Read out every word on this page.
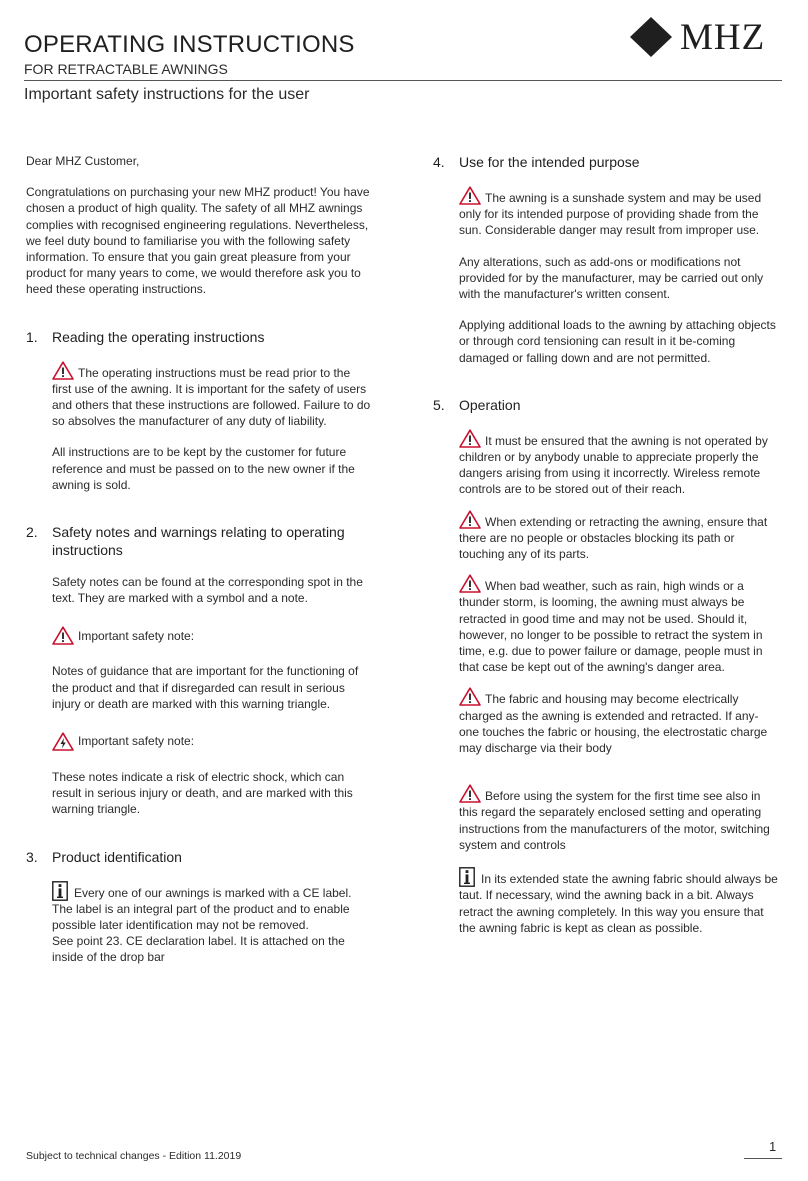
OPERATING INSTRUCTIONS
FOR RETRACTABLE AWNINGS
Important safety instructions for the user
MHZ

Dear MHZ Customer,

Congratulations on purchasing your new MHZ product! You have chosen a product of high quality. The safety of all MHZ awnings complies with recognised engineering regulations. Nevertheless, we feel duty bound to familiarise you with the following safety information. To ensure that you gain great pleasure from your product for many years to come, we would therefore ask you to heed these operating instructions.

1.	Reading the operating instructions

The operating instructions must be read prior to the first use of the awning. It is important for the safety of users and others that these instructions are followed. Failure to do so absolves the manufacturer of any duty of liability.

All instructions are to be kept by the customer for future reference and must be passed on to the new owner if the awning is sold.

2.	Safety notes and warnings relating to operating instructions

Safety notes can be found at the corresponding spot in the text. They are marked with a symbol and a note.

Important safety note:

Notes of guidance that are important for the functioning of the product and that if disregarded can result in serious injury or death are marked with this warning triangle.

Important safety note:

These notes indicate a risk of electric shock, which can result in serious injury or death, and are marked with this warning triangle.

3.	Product identification

Every one of our awnings is marked with a CE label. The label is an integral part of the product and to enable possible later identification may not be removed.

See point 23. CE declaration label. It is attached on the inside of the drop bar

4.	Use for the intended purpose

The awning is a sunshade system and may be used only for its intended purpose of providing shade from the sun. Considerable danger may result from improper use.

Any alterations, such as add-ons or modifications not provided for by the manufacturer, may be carried out only with the manufacturer's written consent.

Applying additional loads to the awning by attaching objects or through cord tensioning can result in it be-coming damaged or falling down and are not permitted.

5.	Operation

It must be ensured that the awning is not operated by children or by anybody unable to appreciate properly the dangers arising from using it incorrectly. Wireless remote controls are to be stored out of their reach.

When extending or retracting the awning, ensure that there are no people or obstacles blocking its path or touching any of its parts.

When bad weather, such as rain, high winds or a thunder storm, is looming, the awning must always be retracted in good time and may not be used. Should it, however, no longer to be possible to retract the system in time, e.g. due to power failure or damage, people must in that case be kept out of the awning's danger area.

The fabric and housing may become electrically charged as the awning is extended and retracted. If any-one touches the fabric or housing, the electrostatic charge may discharge via their body

Before using the system for the first time see also in this regard the separately enclosed setting and operating instructions from the manufacturers of the motor, switching system and controls

In its extended state the awning fabric should always be taut. If necessary, wind the awning back in a bit. Always retract the awning completely. In this way you ensure that the awning fabric is kept as clean as possible.

Subject to technical changes - Edition 11.2019
1
